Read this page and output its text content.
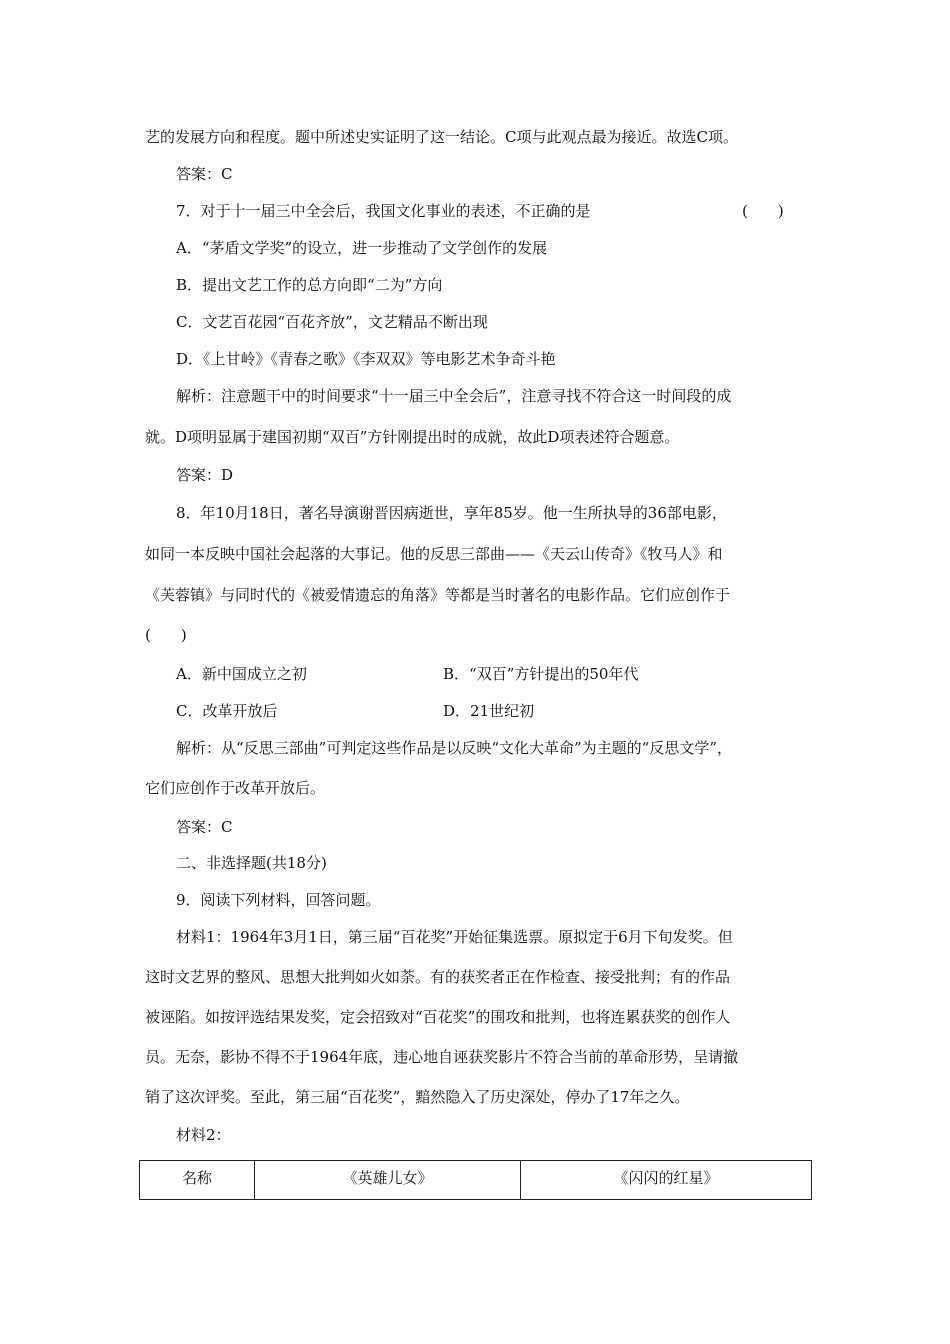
艺的发展方向和程度。题中所述史实证明了这一结论。C项与此观点最为接近。故选C项。
答案：C
7．对于十一届三中全会后，我国文化事业的表述，不正确的是	(　　)
A．“茅盾文学奖”的设立，进一步推动了文学创作的发展
B．提出文艺工作的总方向即“二为”方向
C．文艺百花园“百花齐放”，文艺精品不断出现
D．《上甘岭》《青春之歌》《李双双》等电影艺术争奇斗艳
解析：注意题干中的时间要求“十一届三中全会后”，注意寻找不符合这一时间段的成
就。D项明显属于建国初期“双百”方针刚提出时的成就，故此D项表述符合题意。
答案：D
8．年10月18日，著名导演谢晋因病逝世，享年85岁。他一生所执导的36部电影，
如同一本反映中国社会起落的大事记。他的反思三部曲——《天云山传奇》《牧马人》和
《芙蓉镇》与同时代的《被爱情遗忘的角落》等都是当时著名的电影作品。它们应创作于
(　　)
A．新中国成立之初	B．“双百”方针提出的50年代
C．改革开放后	D．21世纪初
解析：从“反思三部曲”可判定这些作品是以反映“文化大革命”为主题的“反思文学”，
它们应创作于改革开放后。
答案：C
二、非选择题(共18分)
9．阅读下列材料，回答问题。
材料1：1964年3月1日，第三届“百花奖”开始征集选票。原拟定于6月下旬发奖。但
这时文艺界的整风、思想大批判如火如荼。有的获奖者正在作检查、接受批判；有的作品
被诬陷。如按评选结果发奖，定会招致对“百花奖”的围攻和批判，也将连累获奖的创作人
员。无奈，影协不得不于1964年底，违心地自诬获奖影片不符合当前的革命形势，呈请撤
销了这次评奖。至此，第三届“百花奖”，黯然隐入了历史深处，停办了17年之久。
材料2：
名称	《英雄儿女》	《闪闪的红星》
